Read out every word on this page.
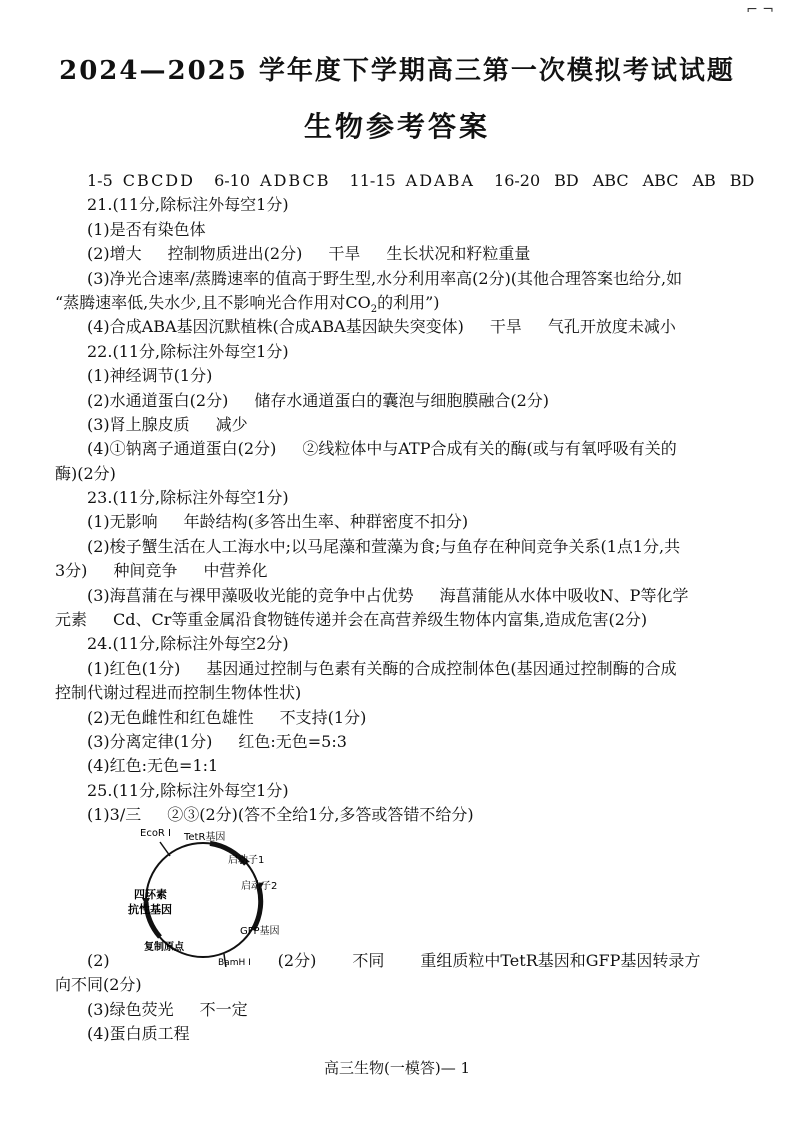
⌐ ¬
2024—2025 学年度下学期高三第一次模拟考试试题
生物参考答案
1-5 CBCDD 6-10 ADBCB 11-15 ADABA 16-20 BD ABC ABC AB BD
21.(11分,除标注外每空1分)
(1)是否有染色体
(2)增大 控制物质进出(2分) 干旱 生长状况和籽粒重量
(3)净光合速率/蒸腾速率的值高于野生型,水分利用率高(2分)(其他合理答案也给分,如
“蒸腾速率低,失水少,且不影响光合作用对$CO_2$的利用”)
(4)合成ABA基因沉默植株(合成ABA基因缺失突变体) 干旱 气孔开放度未减小
22.(11分,除标注外每空1分)
(1)神经调节(1分)
(2)水通道蛋白(2分) 储存水通道蛋白的囊泡与细胞膜融合(2分)
(3)肾上腺皮质 减少
(4)①钠离子通道蛋白(2分) ②线粒体中与ATP合成有关的酶(或与有氧呼吸有关的
酶)(2分)
23.(11分,除标注外每空1分)
(1)无影响 年龄结构(多答出生率、种群密度不扣分)
(2)梭子蟹生活在人工海水中;以马尾藻和萱藻为食;与鱼存在种间竞争关系(1点1分,共
3分) 种间竞争 中营养化
(3)海菖蒲在与裸甲藻吸收光能的竞争中占优势 海菖蒲能从水体中吸收N、P等化学
元素 Cd、Cr等重金属沿食物链传递并会在高营养级生物体内富集,造成危害(2分)
24.(11分,除标注外每空2分)
(1)红色(1分) 基因通过控制与色素有关酶的合成控制体色(基因通过控制酶的合成
控制代谢过程进而控制生物体性状)
(2)无色雌性和红色雄性 不支持(1分)
(3)分离定律(1分) 红色:无色=5:3
(4)红色:无色=1:1
25.(11分,除标注外每空1分)
(1)3/三 ②③(2分)(答不全给1分,多答或答错不给分)
EcoR Ⅰ TetR基因
启动子1
启动子2
四环素
抗性基因
GFP基因
复制原点
BamH Ⅰ
(2)	(2分) 不同 重组质粒中TetR基因和GFP基因转录方
向不同(2分)
(3)绿色荧光 不一定
(4)蛋白质工程
高三生物(一模答)— 1
